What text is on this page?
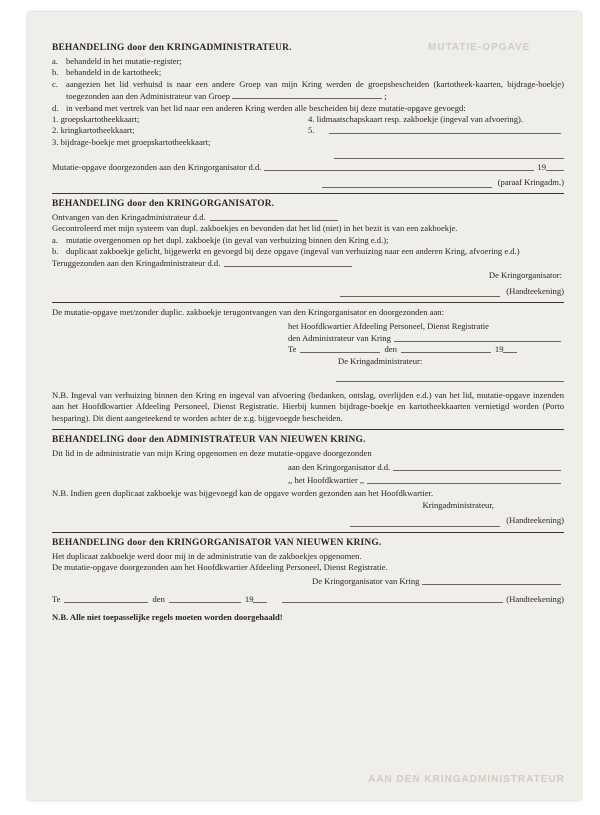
MUTATIE-OPGAVE
AAN DEN KRINGADMINISTRATEUR
BEHANDELING door den KRINGADMINISTRATEUR.
a. behandeld in het mutatie-register;
b. behandeld in de kartotheek;
c. aangezien het lid verhuisd is naar een andere Groep van mijn Kring werden de groepsbescheiden (kartotheek-kaarten, bijdrage-boekje) toegezonden aan den Administrateur van Groep	;
d. in verband met vertrek van het lid naar een anderen Kring werden alle bescheiden bij deze mutatie-opgave gevoegd:
1. groepskartotheekkaart;
2. kringkartotheekkaart;
3. bijdrage-boekje met groepskartotheekkaart;
4. lidmaatschapskaart resp. zakboekje (ingeval van afvoering).
5.
Mutatie-opgave doorgezonden aan den Kringorganisator d.d.	19
(paraaf Kringadm.)
BEHANDELING door den KRINGORGANISATOR.
Ontvangen van den Kringadministrateur d.d.
Gecontroleerd met mijn systeem van dupl. zakboekjes en bevonden dat het lid (niet) in het bezit is van een zakboekje.
a. mutatie overgenomen op het dupl. zakboekje (in geval van verhuizing binnen den Kring e.d.);
b. duplicaat zakboekje gelicht, bijgewerkt en gevoegd bij deze opgave (ingeval van verhuizing naar een anderen Kring, afvoering e.d.)
Teruggezonden aan den Kringadministrateur d.d.
De Kringorganisator:
(Handteekening)
De mutatie-opgave met/zonder duplic. zakboekje terugontvangen van den Kringorganisator en doorgezonden aan:
het Hoofdkwartier Afdeeling Personeel, Dienst Registratie
den Administrateur van Kring
Te	den	19
De Kringadministrateur:
N.B. Ingeval van verhuizing binnen den Kring en ingeval van afvoering (bedanken, ontslag, overlijden e.d.) van het lid, mutatie-opgave inzenden aan het Hoofdkwartier Afdeeling Personeel, Dienst Registratie. Hierbij kunnen bijdrage-boekje en kartotheekkaarten vernietigd worden (Porto besparing). Dit dient aangeteekend te worden achter de z.g. bijgevoegde bescheiden.
BEHANDELING door den ADMINISTRATEUR VAN NIEUWEN KRING.
Dit lid in de administratie van mijn Kring opgenomen en deze mutatie-opgave doorgezonden
aan den Kringorganisator d.d.
,, het Hoofdkwartier ,,
N.B. Indien geen duplicaat zakboekje was bijgevoegd kan de opgave worden gezonden aan het Hoofdkwartier.
Kringadministrateur,
(Handteekening)
BEHANDELING door den KRINGORGANISATOR VAN NIEUWEN KRING.
Het duplicaat zakboekje werd door mij in de administratie van de zakboekjes opgenomen.
De mutatie-opgave doorgezonden aan het Hoofdkwartier Afdeeling Personeel, Dienst Registratie.
De Kringorganisator van Kring
Te	den	19	(Handteekening)
N.B. Alle niet toepasselijke regels moeten worden doorgehaald!
